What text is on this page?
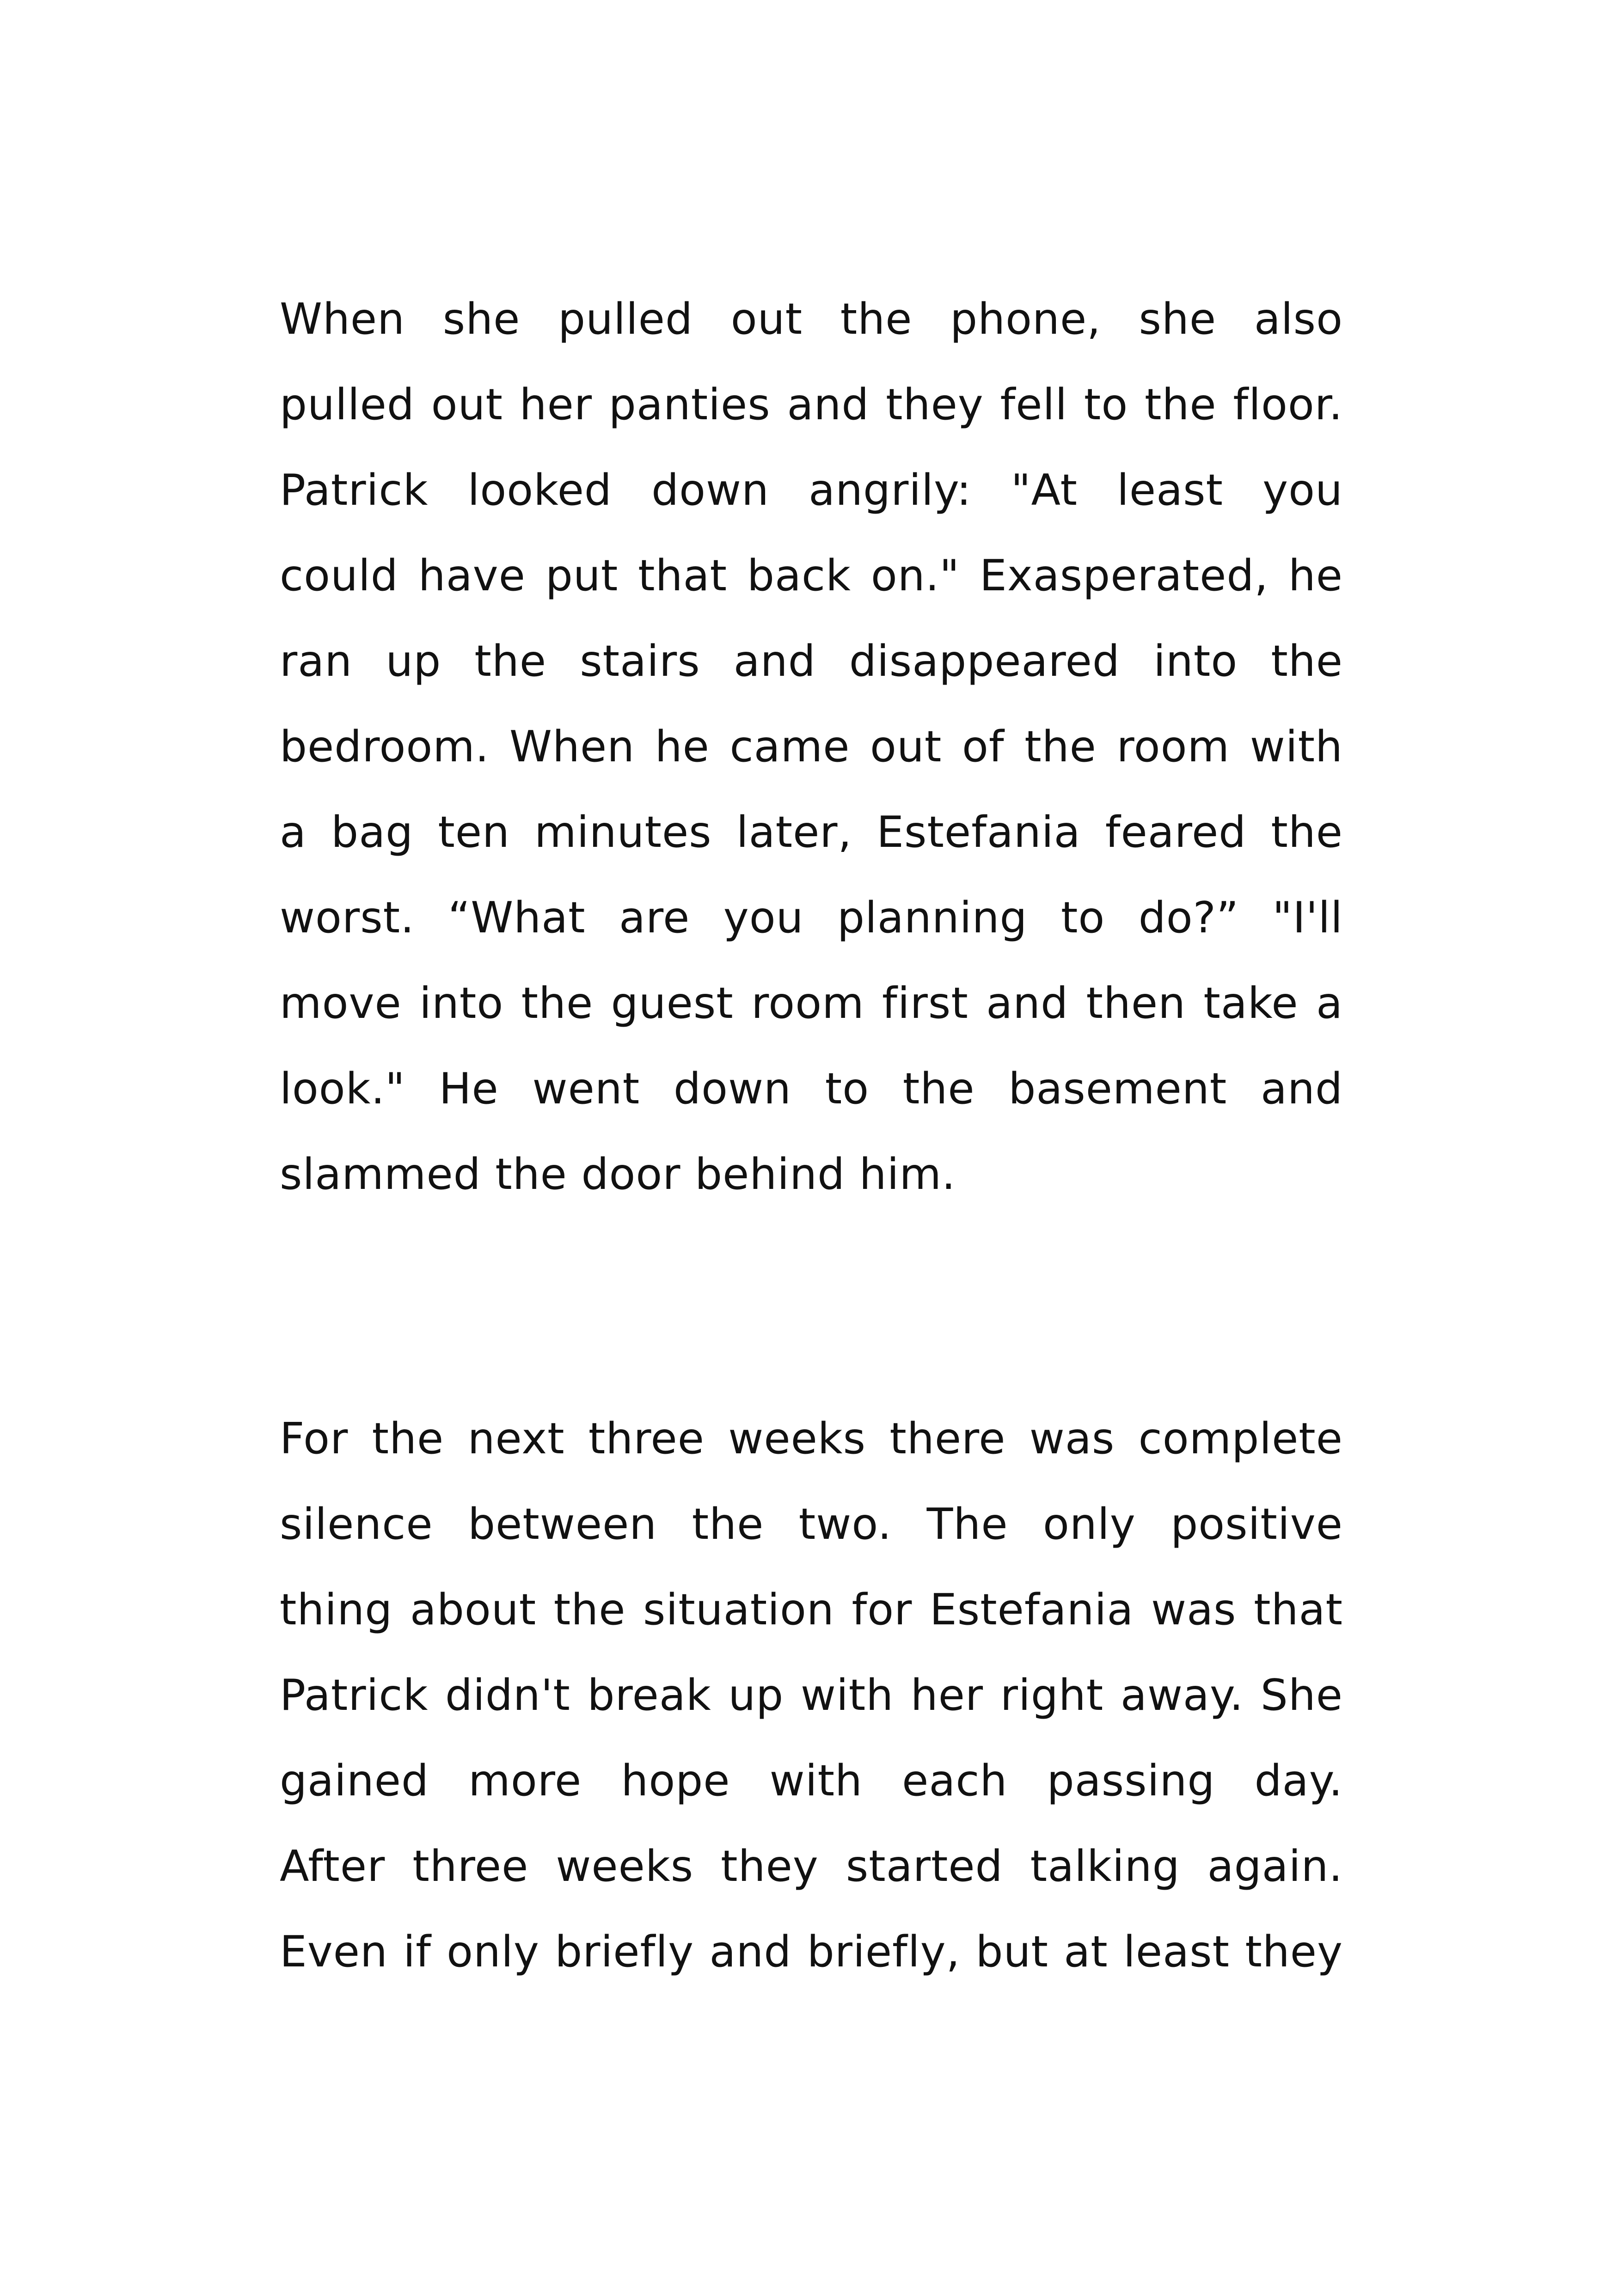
When she pulled out the phone, she also
pulled out her panties and they fell to the floor.
Patrick looked down angrily: "At least you
could have put that back on." Exasperated, he
ran up the stairs and disappeared into the
bedroom. When he came out of the room with
a bag ten minutes later, Estefania feared the
worst. “What are you planning to do?” "I'll
move into the guest room first and then take a
look." He went down to the basement and
slammed the door behind him.
For the next three weeks there was complete
silence between the two. The only positive
thing about the situation for Estefania was that
Patrick didn't break up with her right away. She
gained more hope with each passing day.
After three weeks they started talking again.
Even if only briefly and briefly, but at least they
